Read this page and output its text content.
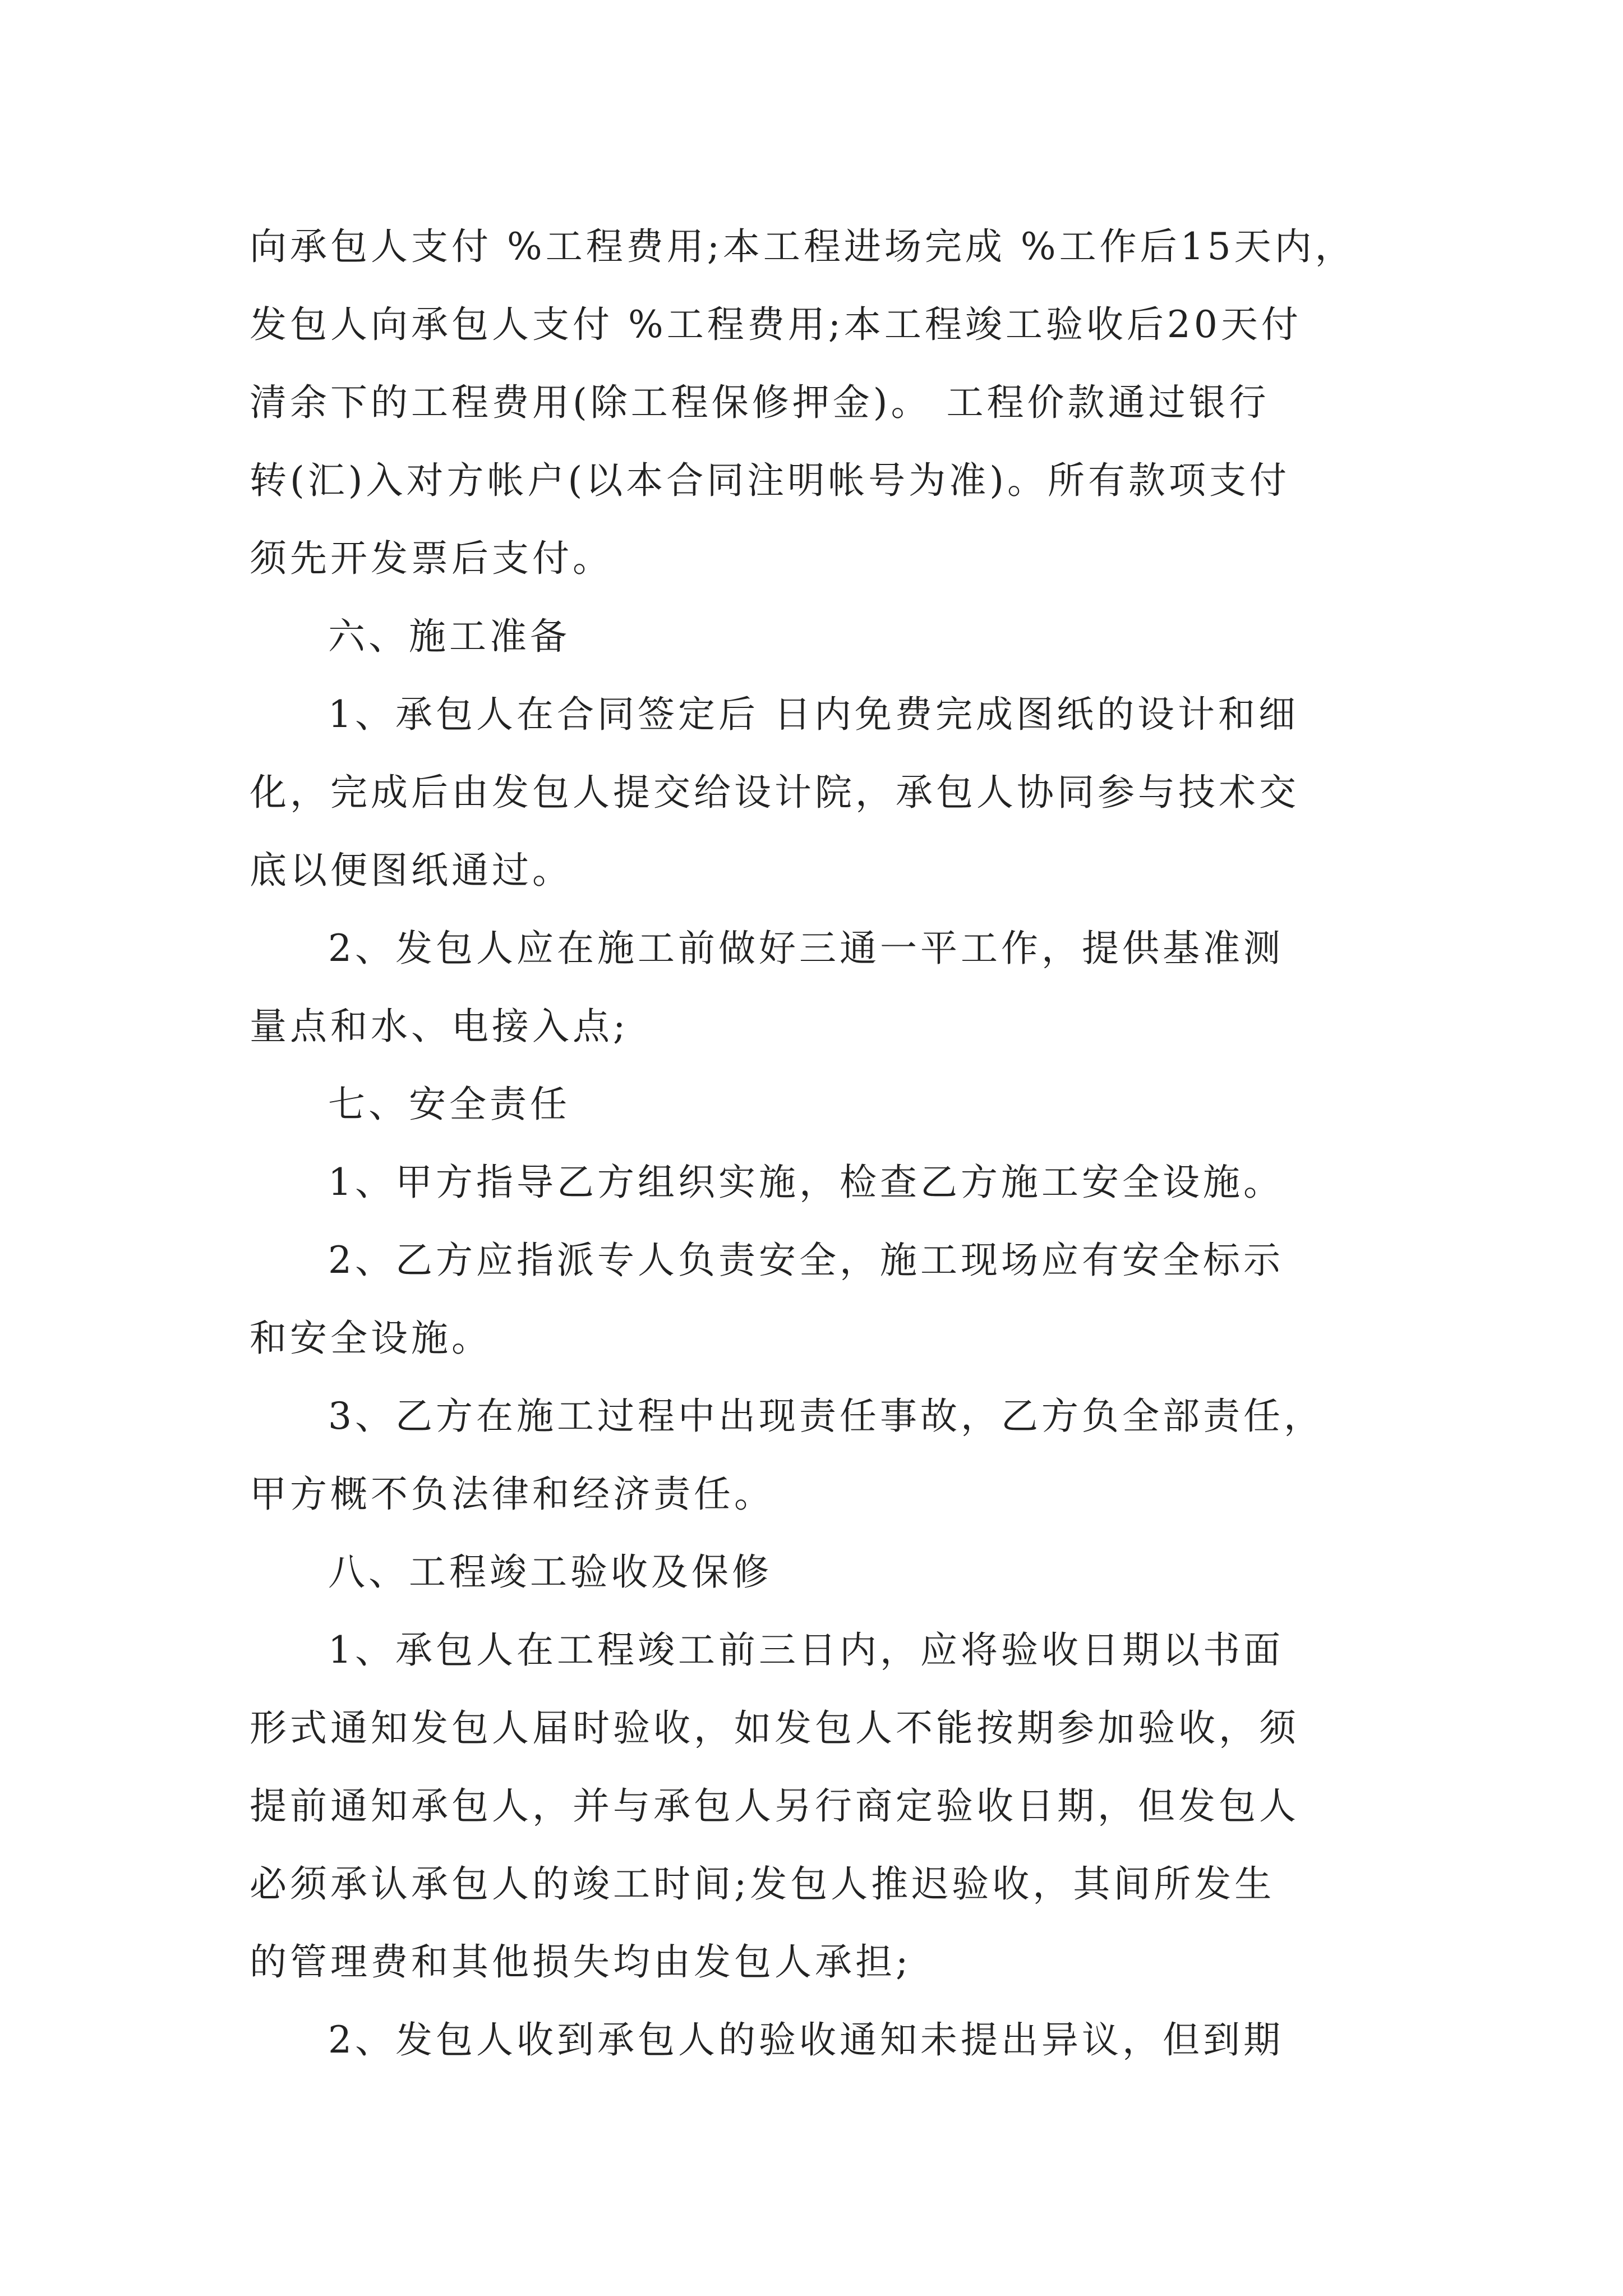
向承包人支付 %工程费用;本工程进场完成 %工作后15天内，
发包人向承包人支付 %工程费用;本工程竣工验收后20天付
清余下的工程费用(除工程保修押金)。 工程价款通过银行
转(汇)入对方帐户(以本合同注明帐号为准)。所有款项支付
须先开发票后支付。
六、施工准备
1、承包人在合同签定后 日内免费完成图纸的设计和细
化，完成后由发包人提交给设计院，承包人协同参与技术交
底以便图纸通过。
2、发包人应在施工前做好三通一平工作，提供基准测
量点和水、电接入点;
七、安全责任
1、甲方指导乙方组织实施，检查乙方施工安全设施。
2、乙方应指派专人负责安全，施工现场应有安全标示
和安全设施。
3、乙方在施工过程中出现责任事故，乙方负全部责任，
甲方概不负法律和经济责任。
八、工程竣工验收及保修
1、承包人在工程竣工前三日内，应将验收日期以书面
形式通知发包人届时验收，如发包人不能按期参加验收，须
提前通知承包人，并与承包人另行商定验收日期，但发包人
必须承认承包人的竣工时间;发包人推迟验收，其间所发生
的管理费和其他损失均由发包人承担;
2、发包人收到承包人的验收通知未提出异议，但到期
